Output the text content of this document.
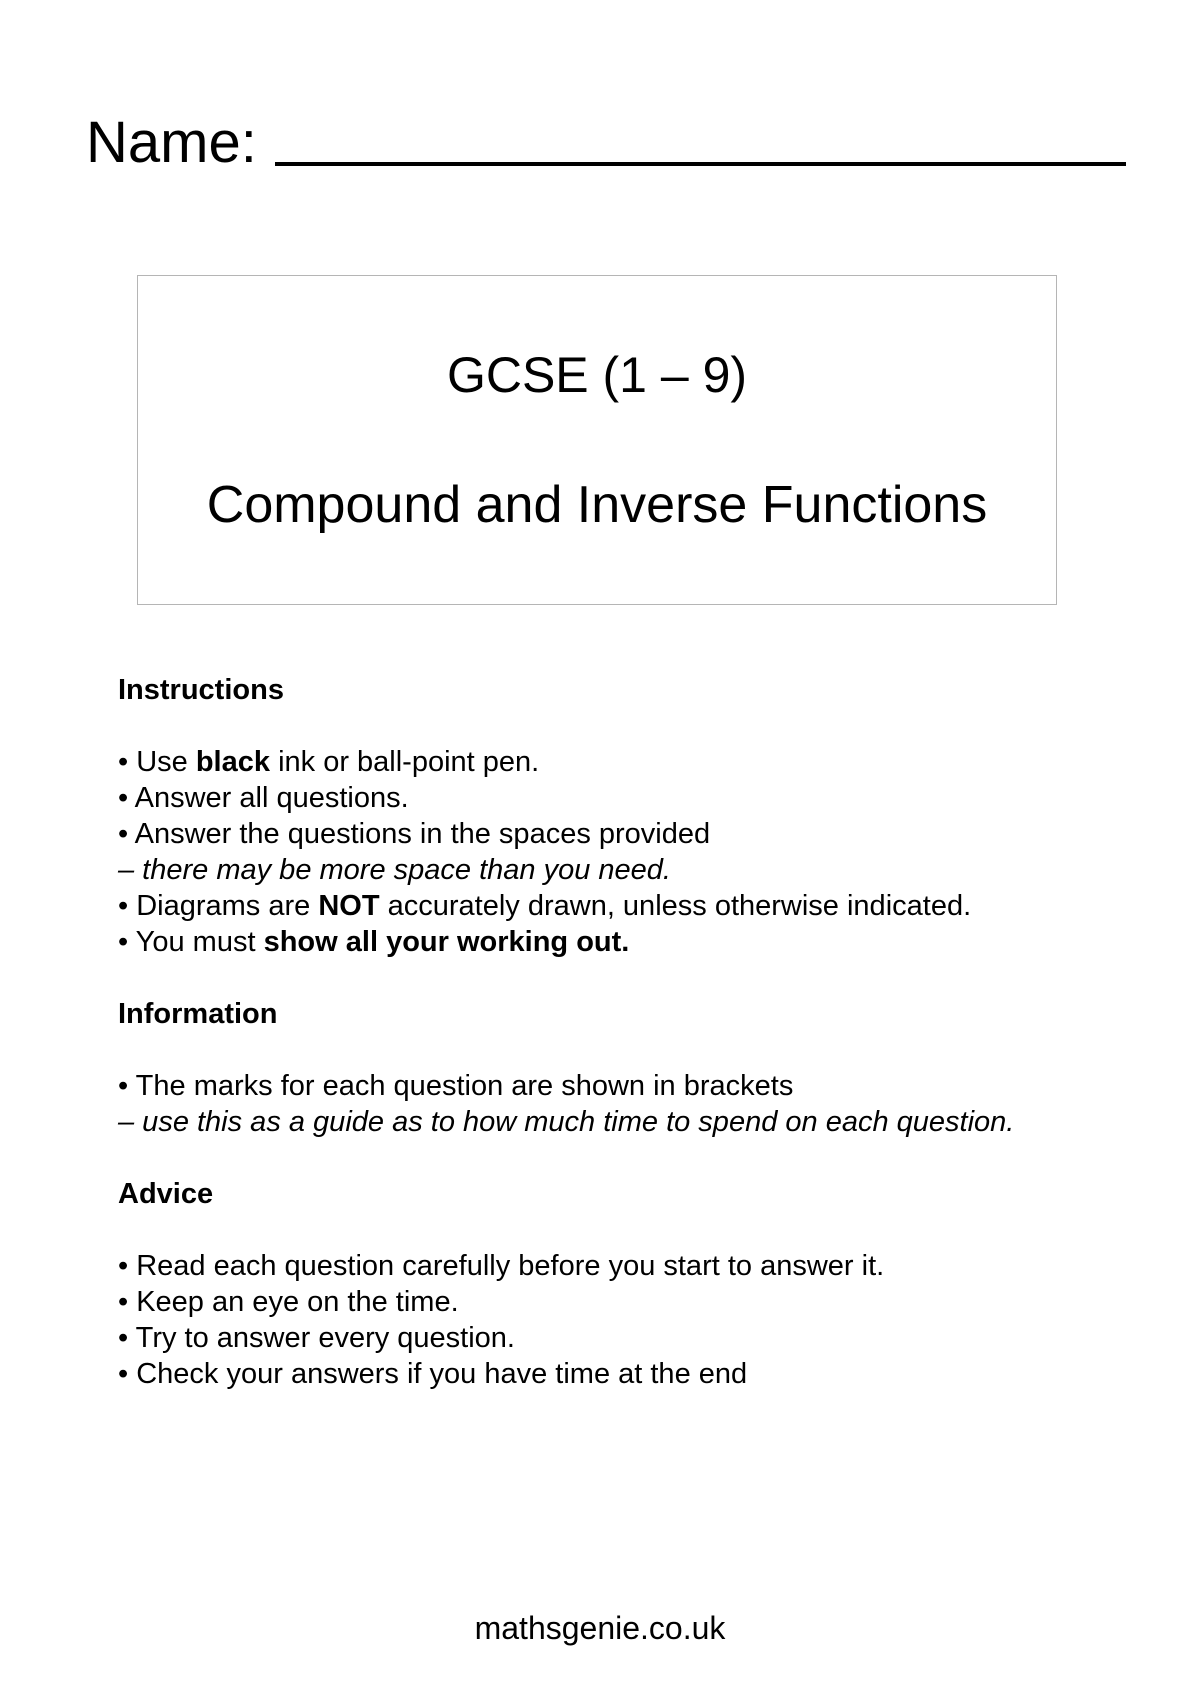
Name:
GCSE (1 – 9)
Compound and Inverse Functions
Instructions
• Use black ink or ball-point pen.
• Answer all questions.
• Answer the questions in the spaces provided
– there may be more space than you need.
• Diagrams are NOT accurately drawn, unless otherwise indicated.
• You must show all your working out.
Information
• The marks for each question are shown in brackets
– use this as a guide as to how much time to spend on each question.
Advice
• Read each question carefully before you start to answer it.
• Keep an eye on the time.
• Try to answer every question.
• Check your answers if you have time at the end
mathsgenie.co.uk
